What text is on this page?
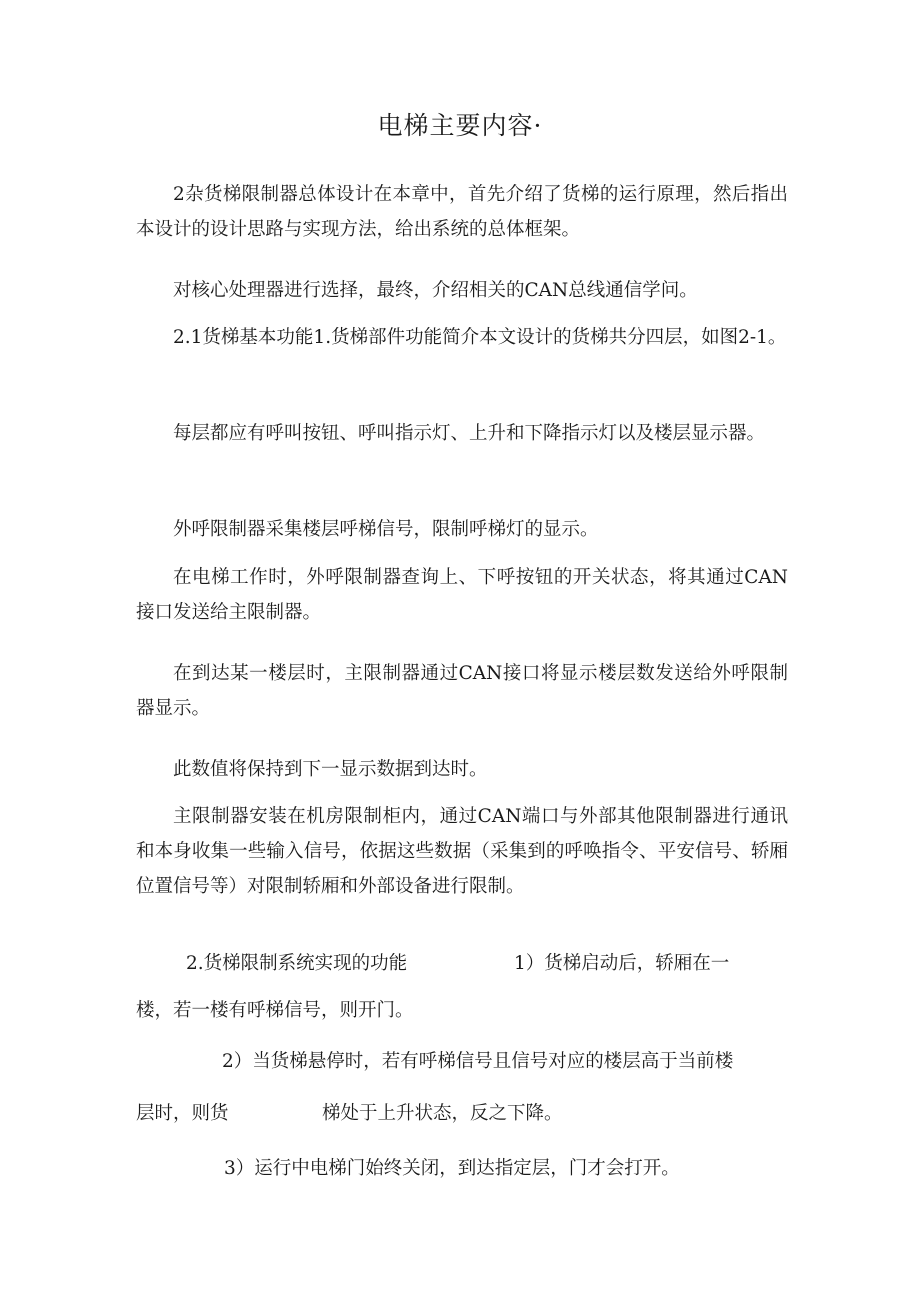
电梯主要内容·

2杂货梯限制器总体设计在本章中，首先介绍了货梯的运行原理，然后指出本设计的设计思路与实现方法，给出系统的总体框架。

对核心处理器进行选择，最终，介绍相关的CAN总线通信学问。

2.1货梯基本功能1.货梯部件功能简介本文设计的货梯共分四层，如图2-1。

每层都应有呼叫按钮、呼叫指示灯、上升和下降指示灯以及楼层显示器。

外呼限制器采集楼层呼梯信号，限制呼梯灯的显示。

在电梯工作时，外呼限制器查询上、下呼按钮的开关状态，将其通过CAN接口发送给主限制器。

在到达某一楼层时，主限制器通过CAN接口将显示楼层数发送给外呼限制器显示。

此数值将保持到下一显示数据到达时。

主限制器安装在机房限制柜内，通过CAN端口与外部其他限制器进行通讯和本身收集一些输入信号，依据这些数据（采集到的呼唤指令、平安信号、轿厢位置信号等）对限制轿厢和外部设备进行限制。

2.货梯限制系统实现的功能	1）货梯启动后，轿厢在一
楼，若一楼有呼梯信号，则开门。
2）当货梯悬停时，若有呼梯信号且信号对应的楼层高于当前楼
层时，则货	梯处于上升状态，反之下降。
3）运行中电梯门始终关闭，到达指定层，门才会打开。
